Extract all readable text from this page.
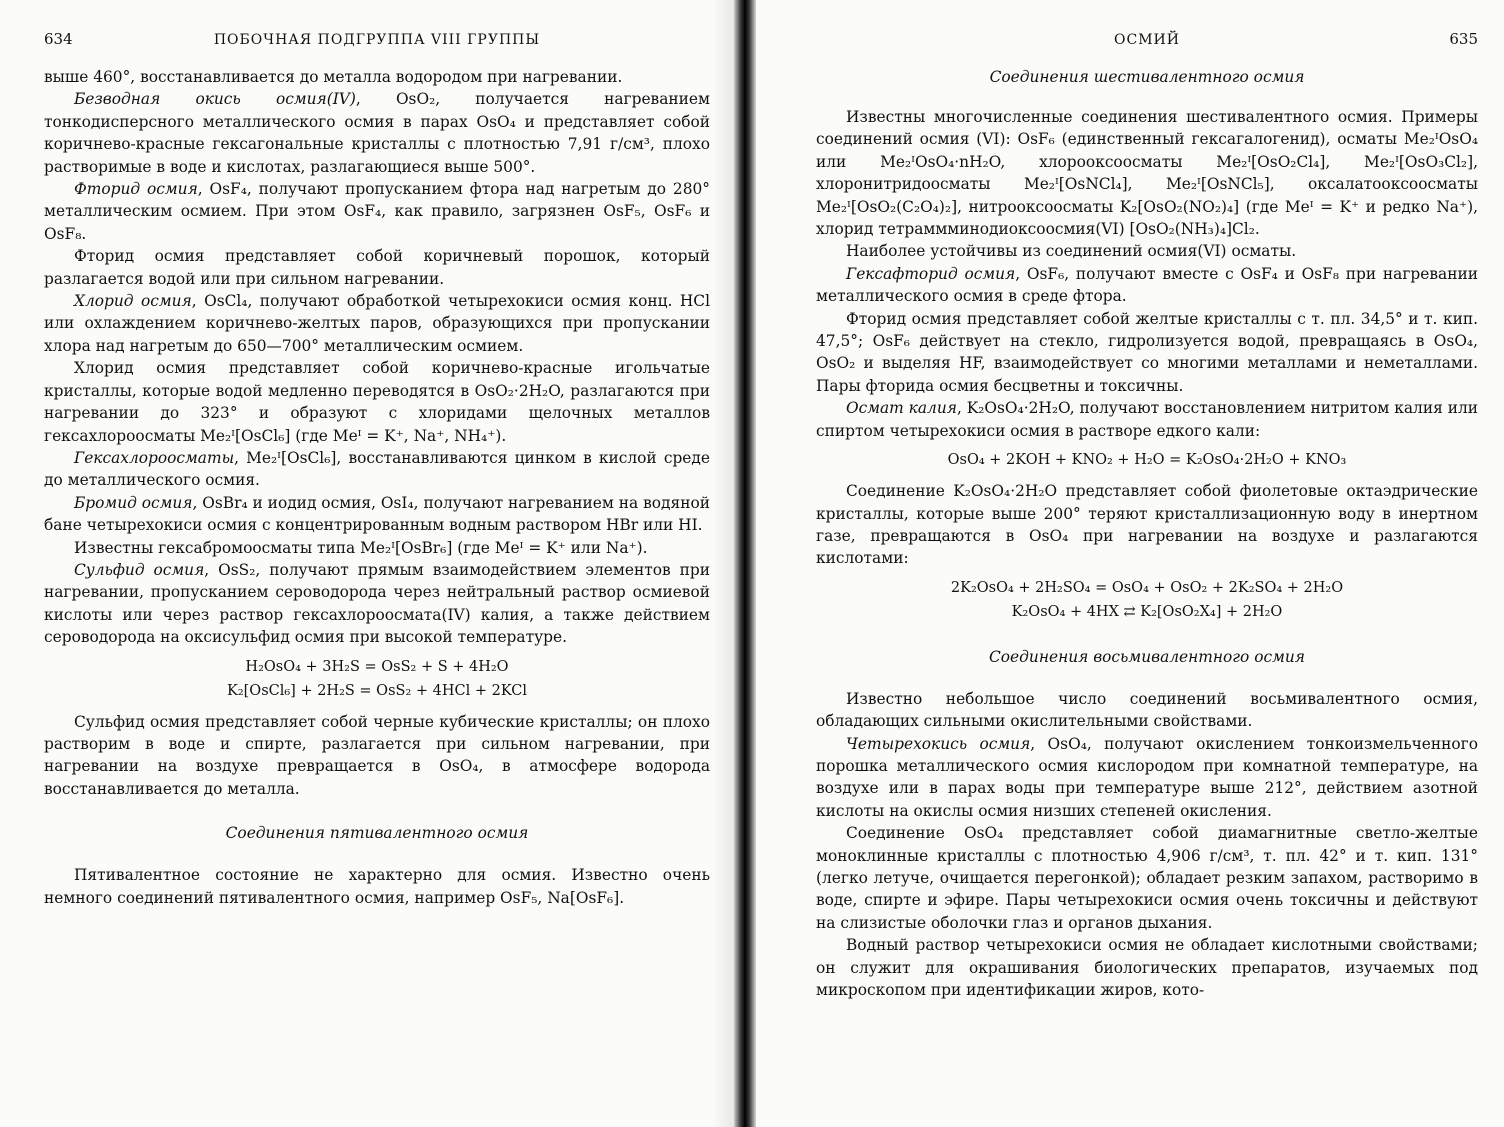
634	ПОБОЧНАЯ ПОДГРУППА VIII ГРУППЫ

выше 460°, восстанавливается до металла водородом при нагревании.

Безводная окись осмия(IV), OsO₂, получается нагреванием тонкодисперсного металлического осмия в парах OsO₄ и представляет собой коричнево-красные гексагональные кристаллы с плотностью 7,91 г/см³, плохо растворимые в воде и кислотах, разлагающиеся выше 500°.

Фторид осмия, OsF₄, получают пропусканием фтора над нагретым до 280° металлическим осмием. При этом OsF₄, как правило, загрязнен OsF₅, OsF₆ и OsF₈.

Фторид осмия представляет собой коричневый порошок, который разлагается водой или при сильном нагревании.

Хлорид осмия, OsCl₄, получают обработкой четырехокиси осмия конц. HCl или охлаждением коричнево-желтых паров, образующихся при пропускании хлора над нагретым до 650—700° металлическим осмием.

Хлорид осмия представляет собой коричнево-красные игольчатые кристаллы, которые водой медленно переводятся в OsO₂·2H₂O, разлагаются при нагревании до 323° и образуют с хлоридами щелочных металлов гексахлороосматы Me₂ᴵ[OsCl₆] (где Meᴵ = K⁺, Na⁺, NH₄⁺).

Гексахлороосматы, Me₂ᴵ[OsCl₆], восстанавливаются цинком в кислой среде до металлического осмия.

Бромид осмия, OsBr₄ и иодид осмия, OsI₄, получают нагреванием на водяной бане четырехокиси осмия с концентрированным водным раствором HBr или HI.

Известны гексабромоосматы типа Me₂ᴵ[OsBr₆] (где Meᴵ = K⁺ или Na⁺).

Сульфид осмия, OsS₂, получают прямым взаимодействием элементов при нагревании, пропусканием сероводорода через нейтральный раствор осмиевой кислоты или через раствор гексахлороосмата(IV) калия, а также действием сероводорода на оксисульфид осмия при высокой температуре.

H₂OsO₄ + 3H₂S = OsS₂ + S + 4H₂O
K₂[OsCl₆] + 2H₂S = OsS₂ + 4HCl + 2KCl

Сульфид осмия представляет собой черные кубические кристаллы; он плохо растворим в воде и спирте, разлагается при сильном нагревании, при нагревании на воздухе превращается в OsO₄, в атмосфере водорода восстанавливается до металла.

Соединения пятивалентного осмия

Пятивалентное состояние не характерно для осмия. Известно очень немного соединений пятивалентного осмия, например OsF₅, Na[OsF₆].

ОСМИЙ	635
Соединения шестивалентного осмия

Известны многочисленные соединения шестивалентного осмия. Примеры соединений осмия (VI): OsF₆ (единственный гексагалогенид), осматы Me₂ᴵOsO₄ или Me₂ᴵOsO₄·nH₂O, хлорооксоосматы Me₂ᴵ[OsO₂Cl₄], Me₂ᴵ[OsO₃Cl₂], хлоронитридоосматы Me₂ᴵ[OsNCl₄], Me₂ᴵ[OsNCl₅], оксалатооксоосматы Me₂ᴵ[OsO₂(C₂O₄)₂], нитрооксоосматы K₂[OsO₂(NO₂)₄] (где Meᴵ = K⁺ и редко Na⁺), хлорид тетраммминодиоксоосмия(VI) [OsO₂(NH₃)₄]Cl₂.

Наиболее устойчивы из соединений осмия(VI) осматы.

Гексафторид осмия, OsF₆, получают вместе с OsF₄ и OsF₈ при нагревании металлического осмия в среде фтора.

Фторид осмия представляет собой желтые кристаллы с т. пл. 34,5° и т. кип. 47,5°; OsF₆ действует на стекло, гидролизуется водой, превращаясь в OsO₄, OsO₂ и выделяя HF, взаимодействует со многими металлами и неметаллами. Пары фторида осмия бесцветны и токсичны.

Осмат калия, K₂OsO₄·2H₂O, получают восстановлением нитритом калия или спиртом четырехокиси осмия в растворе едкого кали:

OsO₄ + 2KOH + KNO₂ + H₂O = K₂OsO₄·2H₂O + KNO₃

Соединение K₂OsO₄·2H₂O представляет собой фиолетовые октаэдрические кристаллы, которые выше 200° теряют кристаллизационную воду в инертном газе, превращаются в OsO₄ при нагревании на воздухе и разлагаются кислотами:

2K₂OsO₄ + 2H₂SO₄ = OsO₄ + OsO₂ + 2K₂SO₄ + 2H₂O
K₂OsO₄ + 4HX ⇄ K₂[OsO₂X₄] + 2H₂O
Соединения восьмивалентного осмия

Известно небольшое число соединений восьмивалентного осмия, обладающих сильными окислительными свойствами.

Четырехокись осмия, OsO₄, получают окислением тонкоизмельченного порошка металлического осмия кислородом при комнатной температуре, на воздухе или в парах воды при температуре выше 212°, действием азотной кислоты на окислы осмия низших степеней окисления.

Соединение OsO₄ представляет собой диамагнитные светло-желтые моноклинные кристаллы с плотностью 4,906 г/см³, т. пл. 42° и т. кип. 131° (легко летуче, очищается перегонкой); обладает резким запахом, растворимо в воде, спирте и эфире. Пары четырехокиси осмия очень токсичны и действуют на слизистые оболочки глаз и органов дыхания.

Водный раствор четырехокиси осмия не обладает кислотными свойствами; он служит для окрашивания биологических препаратов, изучаемых под микроскопом при идентификации жиров, кото-
